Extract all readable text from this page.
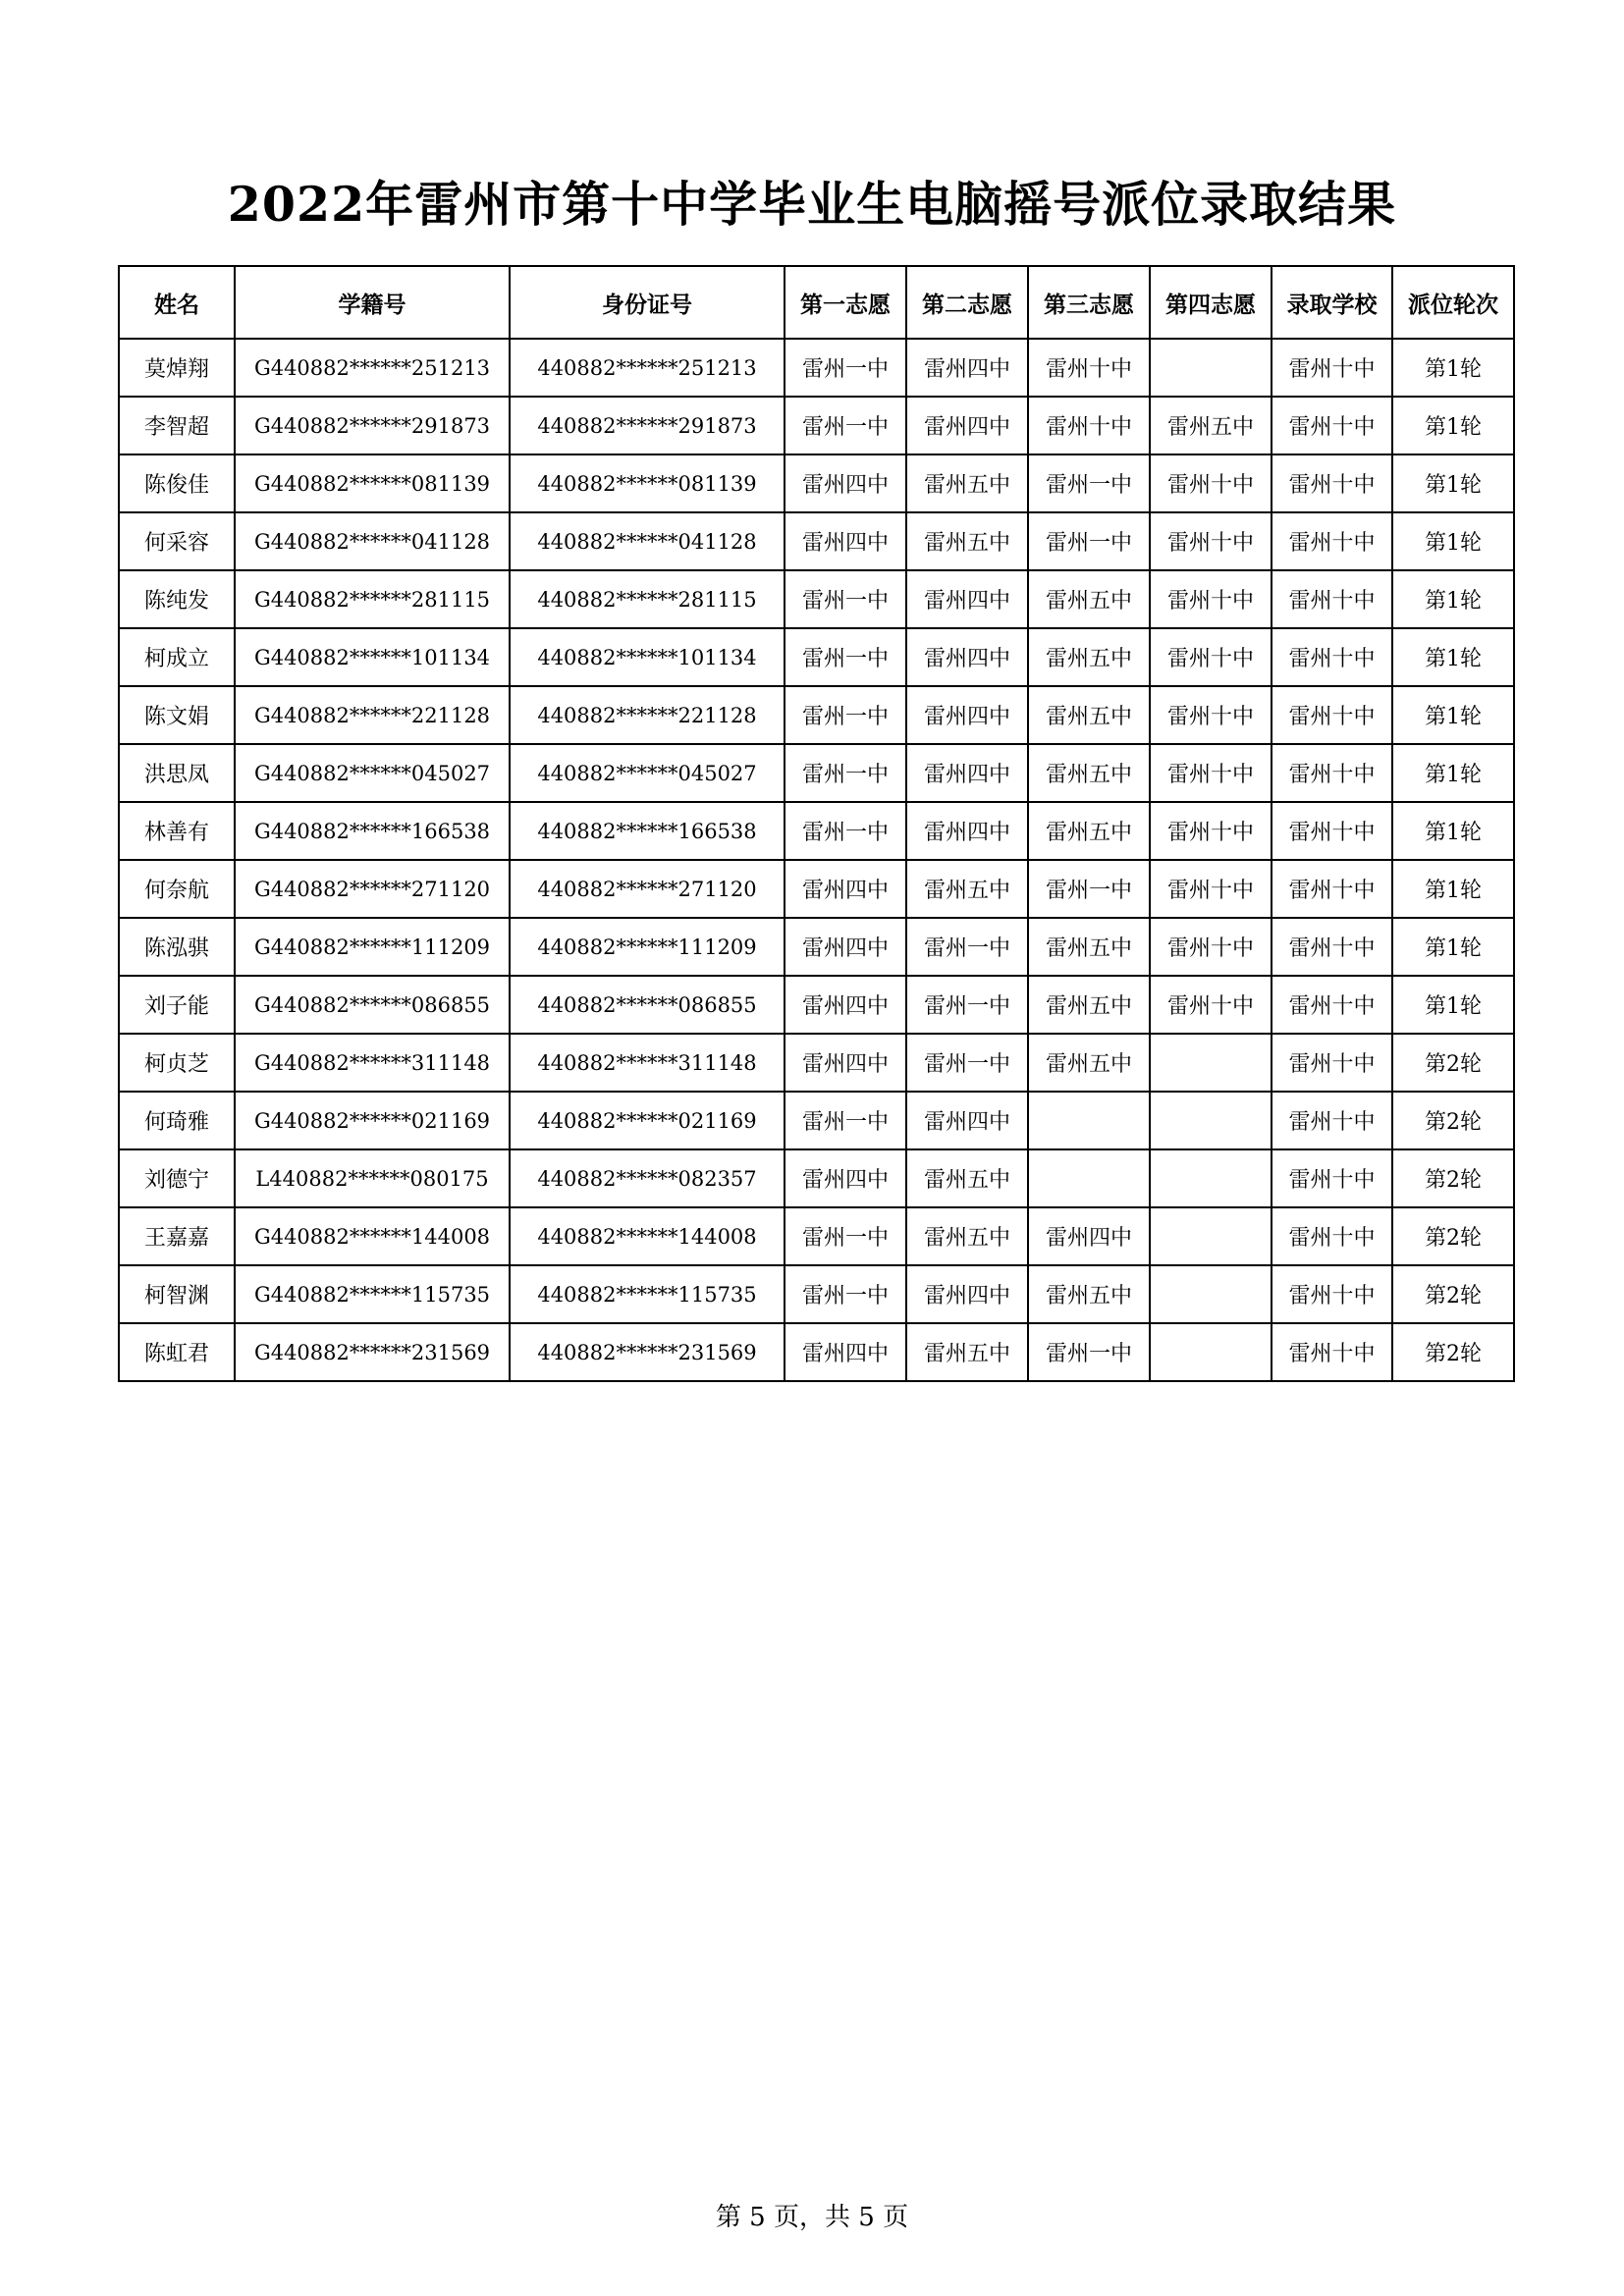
2022年雷州市第十中学毕业生电脑摇号派位录取结果
姓名	学籍号	身份证号	第一志愿	第二志愿	第三志愿	第四志愿	录取学校	派位轮次
莫焯翔	G440882******251213	440882******251213	雷州一中	雷州四中	雷州十中		雷州十中	第1轮
李智超	G440882******291873	440882******291873	雷州一中	雷州四中	雷州十中	雷州五中	雷州十中	第1轮
陈俊佳	G440882******081139	440882******081139	雷州四中	雷州五中	雷州一中	雷州十中	雷州十中	第1轮
何采容	G440882******041128	440882******041128	雷州四中	雷州五中	雷州一中	雷州十中	雷州十中	第1轮
陈纯发	G440882******281115	440882******281115	雷州一中	雷州四中	雷州五中	雷州十中	雷州十中	第1轮
柯成立	G440882******101134	440882******101134	雷州一中	雷州四中	雷州五中	雷州十中	雷州十中	第1轮
陈文娟	G440882******221128	440882******221128	雷州一中	雷州四中	雷州五中	雷州十中	雷州十中	第1轮
洪思凤	G440882******045027	440882******045027	雷州一中	雷州四中	雷州五中	雷州十中	雷州十中	第1轮
林善有	G440882******166538	440882******166538	雷州一中	雷州四中	雷州五中	雷州十中	雷州十中	第1轮
何奈航	G440882******271120	440882******271120	雷州四中	雷州五中	雷州一中	雷州十中	雷州十中	第1轮
陈泓骐	G440882******111209	440882******111209	雷州四中	雷州一中	雷州五中	雷州十中	雷州十中	第1轮
刘子能	G440882******086855	440882******086855	雷州四中	雷州一中	雷州五中	雷州十中	雷州十中	第1轮
柯贞芝	G440882******311148	440882******311148	雷州四中	雷州一中	雷州五中		雷州十中	第2轮
何琦雅	G440882******021169	440882******021169	雷州一中	雷州四中			雷州十中	第2轮
刘德宁	L440882******080175	440882******082357	雷州四中	雷州五中			雷州十中	第2轮
王嘉嘉	G440882******144008	440882******144008	雷州一中	雷州五中	雷州四中		雷州十中	第2轮
柯智渊	G440882******115735	440882******115735	雷州一中	雷州四中	雷州五中		雷州十中	第2轮
陈虹君	G440882******231569	440882******231569	雷州四中	雷州五中	雷州一中		雷州十中	第2轮

第 5 页，共 5 页
